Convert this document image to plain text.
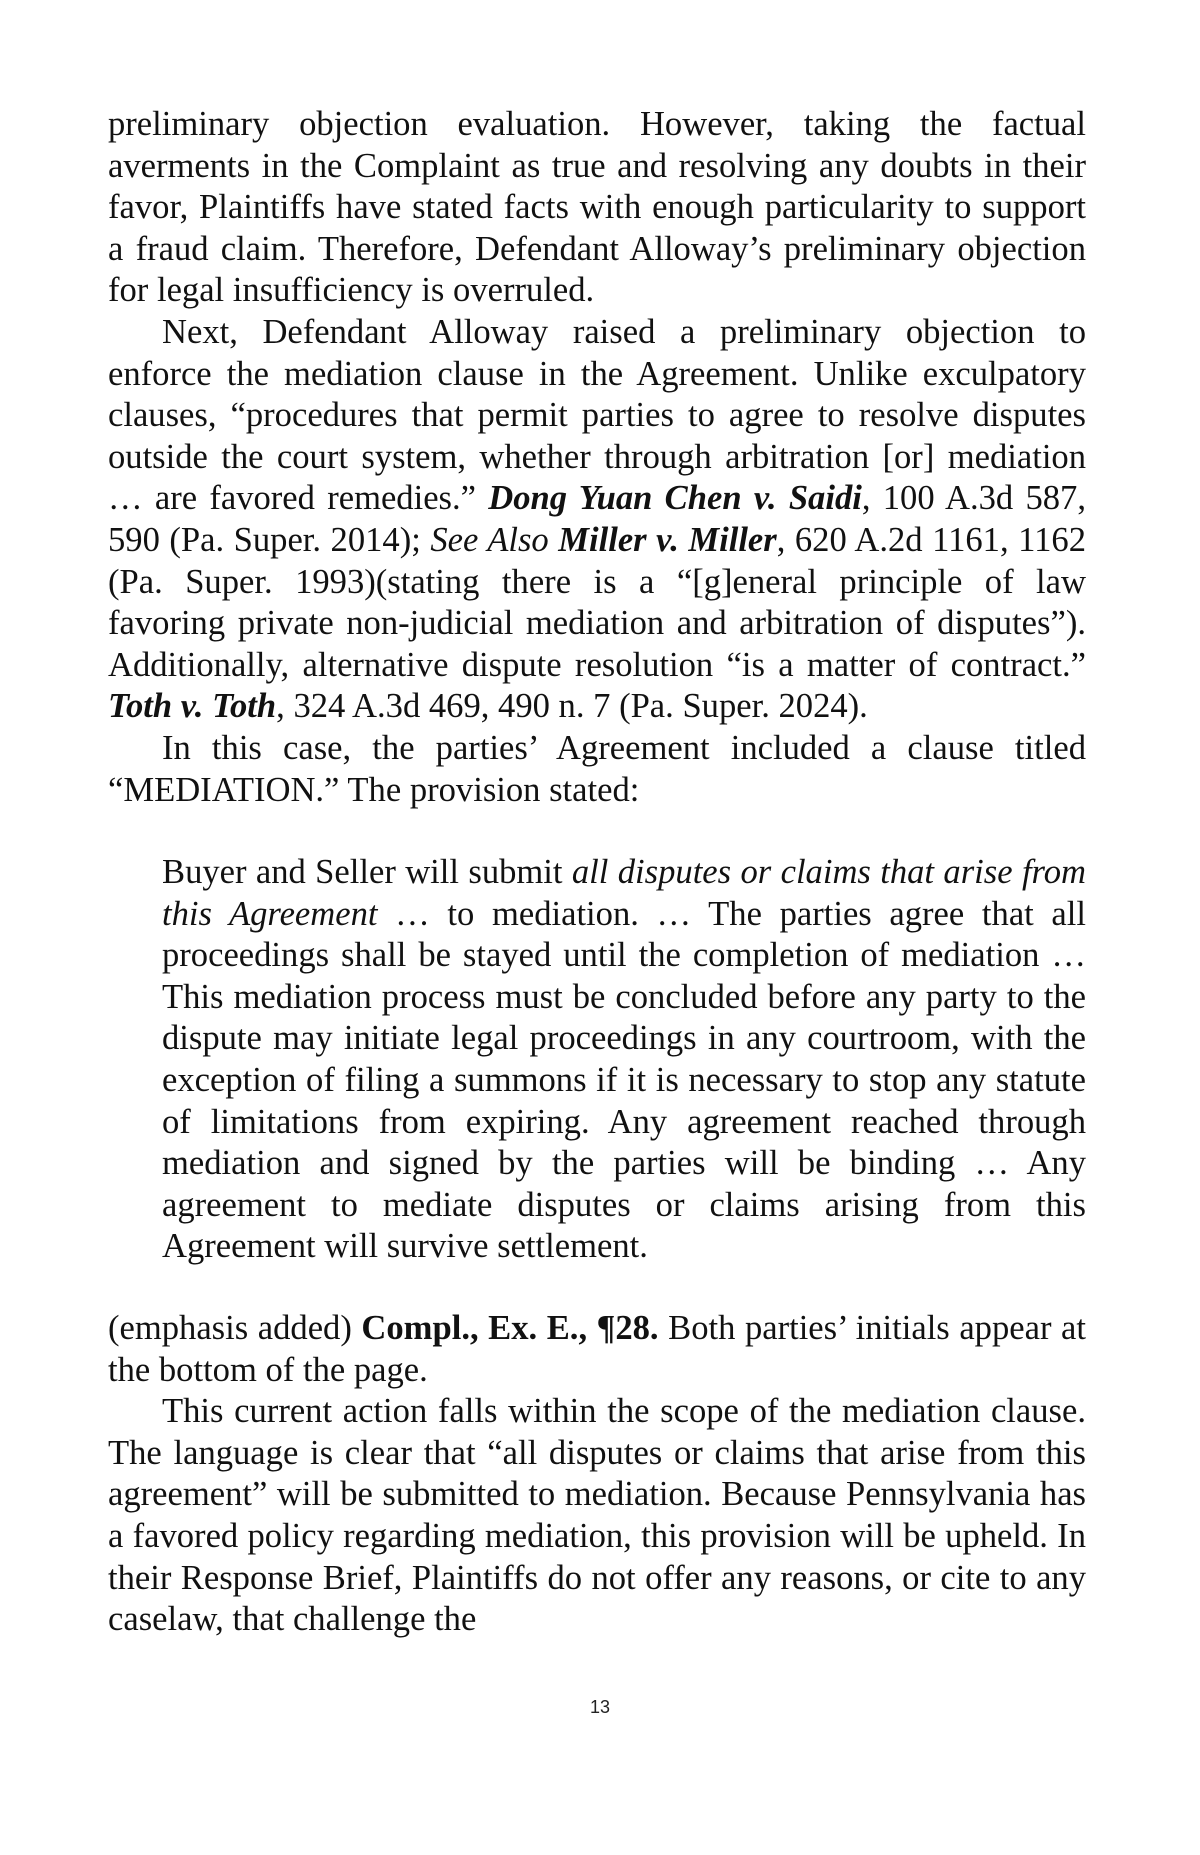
preliminary objection evaluation. However, taking the factual averments in the Complaint as true and resolving any doubts in their favor, Plaintiffs have stated facts with enough particularity to support a fraud claim. Therefore, Defendant Alloway’s preliminary objection for legal insufficiency is overruled.

Next, Defendant Alloway raised a preliminary objection to enforce the mediation clause in the Agreement. Unlike exculpatory clauses, “procedures that permit parties to agree to resolve disputes outside the court system, whether through arbitration [or] mediation … are favored remedies.” Dong Yuan Chen v. Saidi, 100 A.3d 587, 590 (Pa. Super. 2014); See Also Miller v. Miller, 620 A.2d 1161, 1162 (Pa. Super. 1993)(stating there is a “[g]eneral principle of law favoring private non-judicial mediation and arbitration of disputes”). Additionally, alternative dispute resolution “is a matter of contract.” Toth v. Toth, 324 A.3d 469, 490 n. 7 (Pa. Super. 2024).

In this case, the parties’ Agreement included a clause titled “MEDIATION.” The provision stated:

Buyer and Seller will submit all disputes or claims that arise from this Agreement … to mediation. … The parties agree that all proceedings shall be stayed until the completion of mediation … This mediation process must be concluded before any party to the dispute may initiate legal proceedings in any courtroom, with the exception of filing a summons if it is necessary to stop any statute of limitations from expiring. Any agreement reached through mediation and signed by the parties will be binding … Any agreement to mediate disputes or claims arising from this Agreement will survive settlement.

(emphasis added) Compl., Ex. E., ¶28. Both parties’ initials appear at the bottom of the page.

This current action falls within the scope of the mediation clause. The language is clear that “all disputes or claims that arise from this agreement” will be submitted to mediation. Because Pennsylvania has a favored policy regarding mediation, this provision will be upheld. In their Response Brief, Plaintiffs do not offer any reasons, or cite to any caselaw, that challenge the

13
